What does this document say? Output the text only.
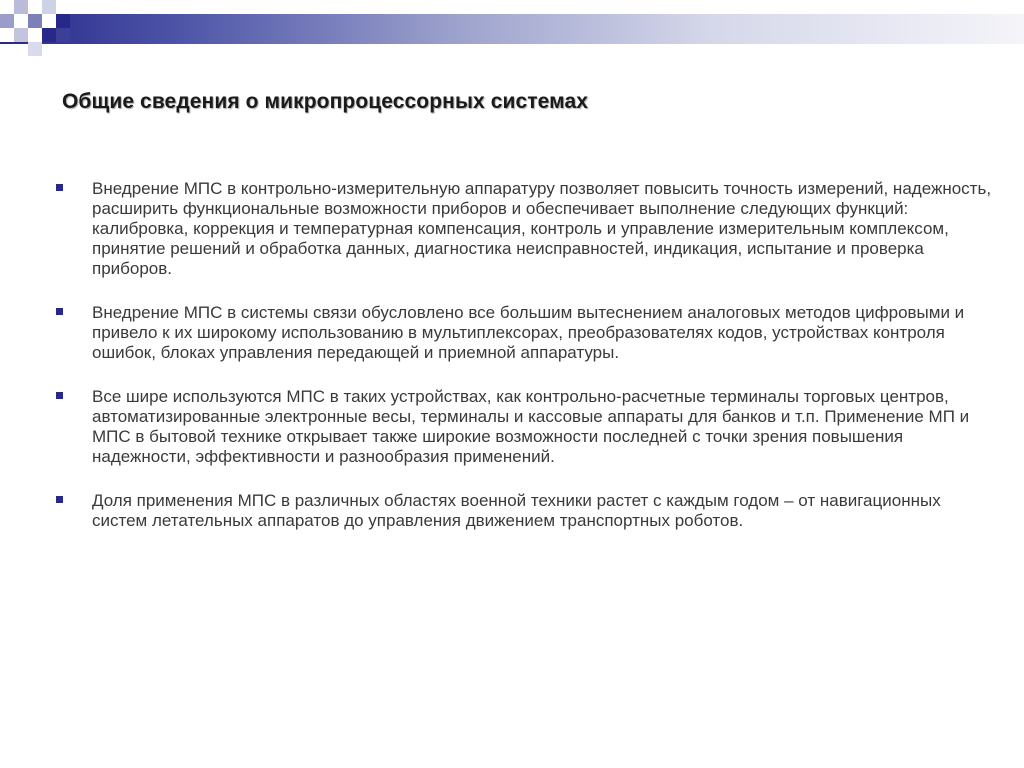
Общие сведения о микропроцессорных системах
Внедрение МПС в контрольно-измерительную аппаратуру позволяет повысить точность измерений, надежность, расширить функциональные возможности приборов и обеспечивает выполнение следующих функций: калибровка, коррекция и температурная компенсация, контроль и управление измерительным комплексом, принятие решений и обработка данных, диагностика неисправностей, индикация, испытание и проверка приборов.
Внедрение МПС в системы связи обусловлено все большим вытеснением аналоговых методов цифровыми и привело к их широкому использованию в мультиплексорах, преобразователях кодов, устройствах контроля ошибок, блоках управления передающей и приемной аппаратуры.
Все шире используются МПС в таких устройствах, как контрольно-расчетные терминалы торговых центров, автоматизированные электронные весы, терминалы и кассовые аппараты для банков и т.п. Применение МП и МПС в бытовой технике открывает также широкие возможности последней с точки зрения повышения надежности, эффективности и разнообразия применений.
Доля применения МПС в различных областях военной техники растет с каждым годом – от навигационных систем летательных аппаратов до управления движением транспортных роботов.
